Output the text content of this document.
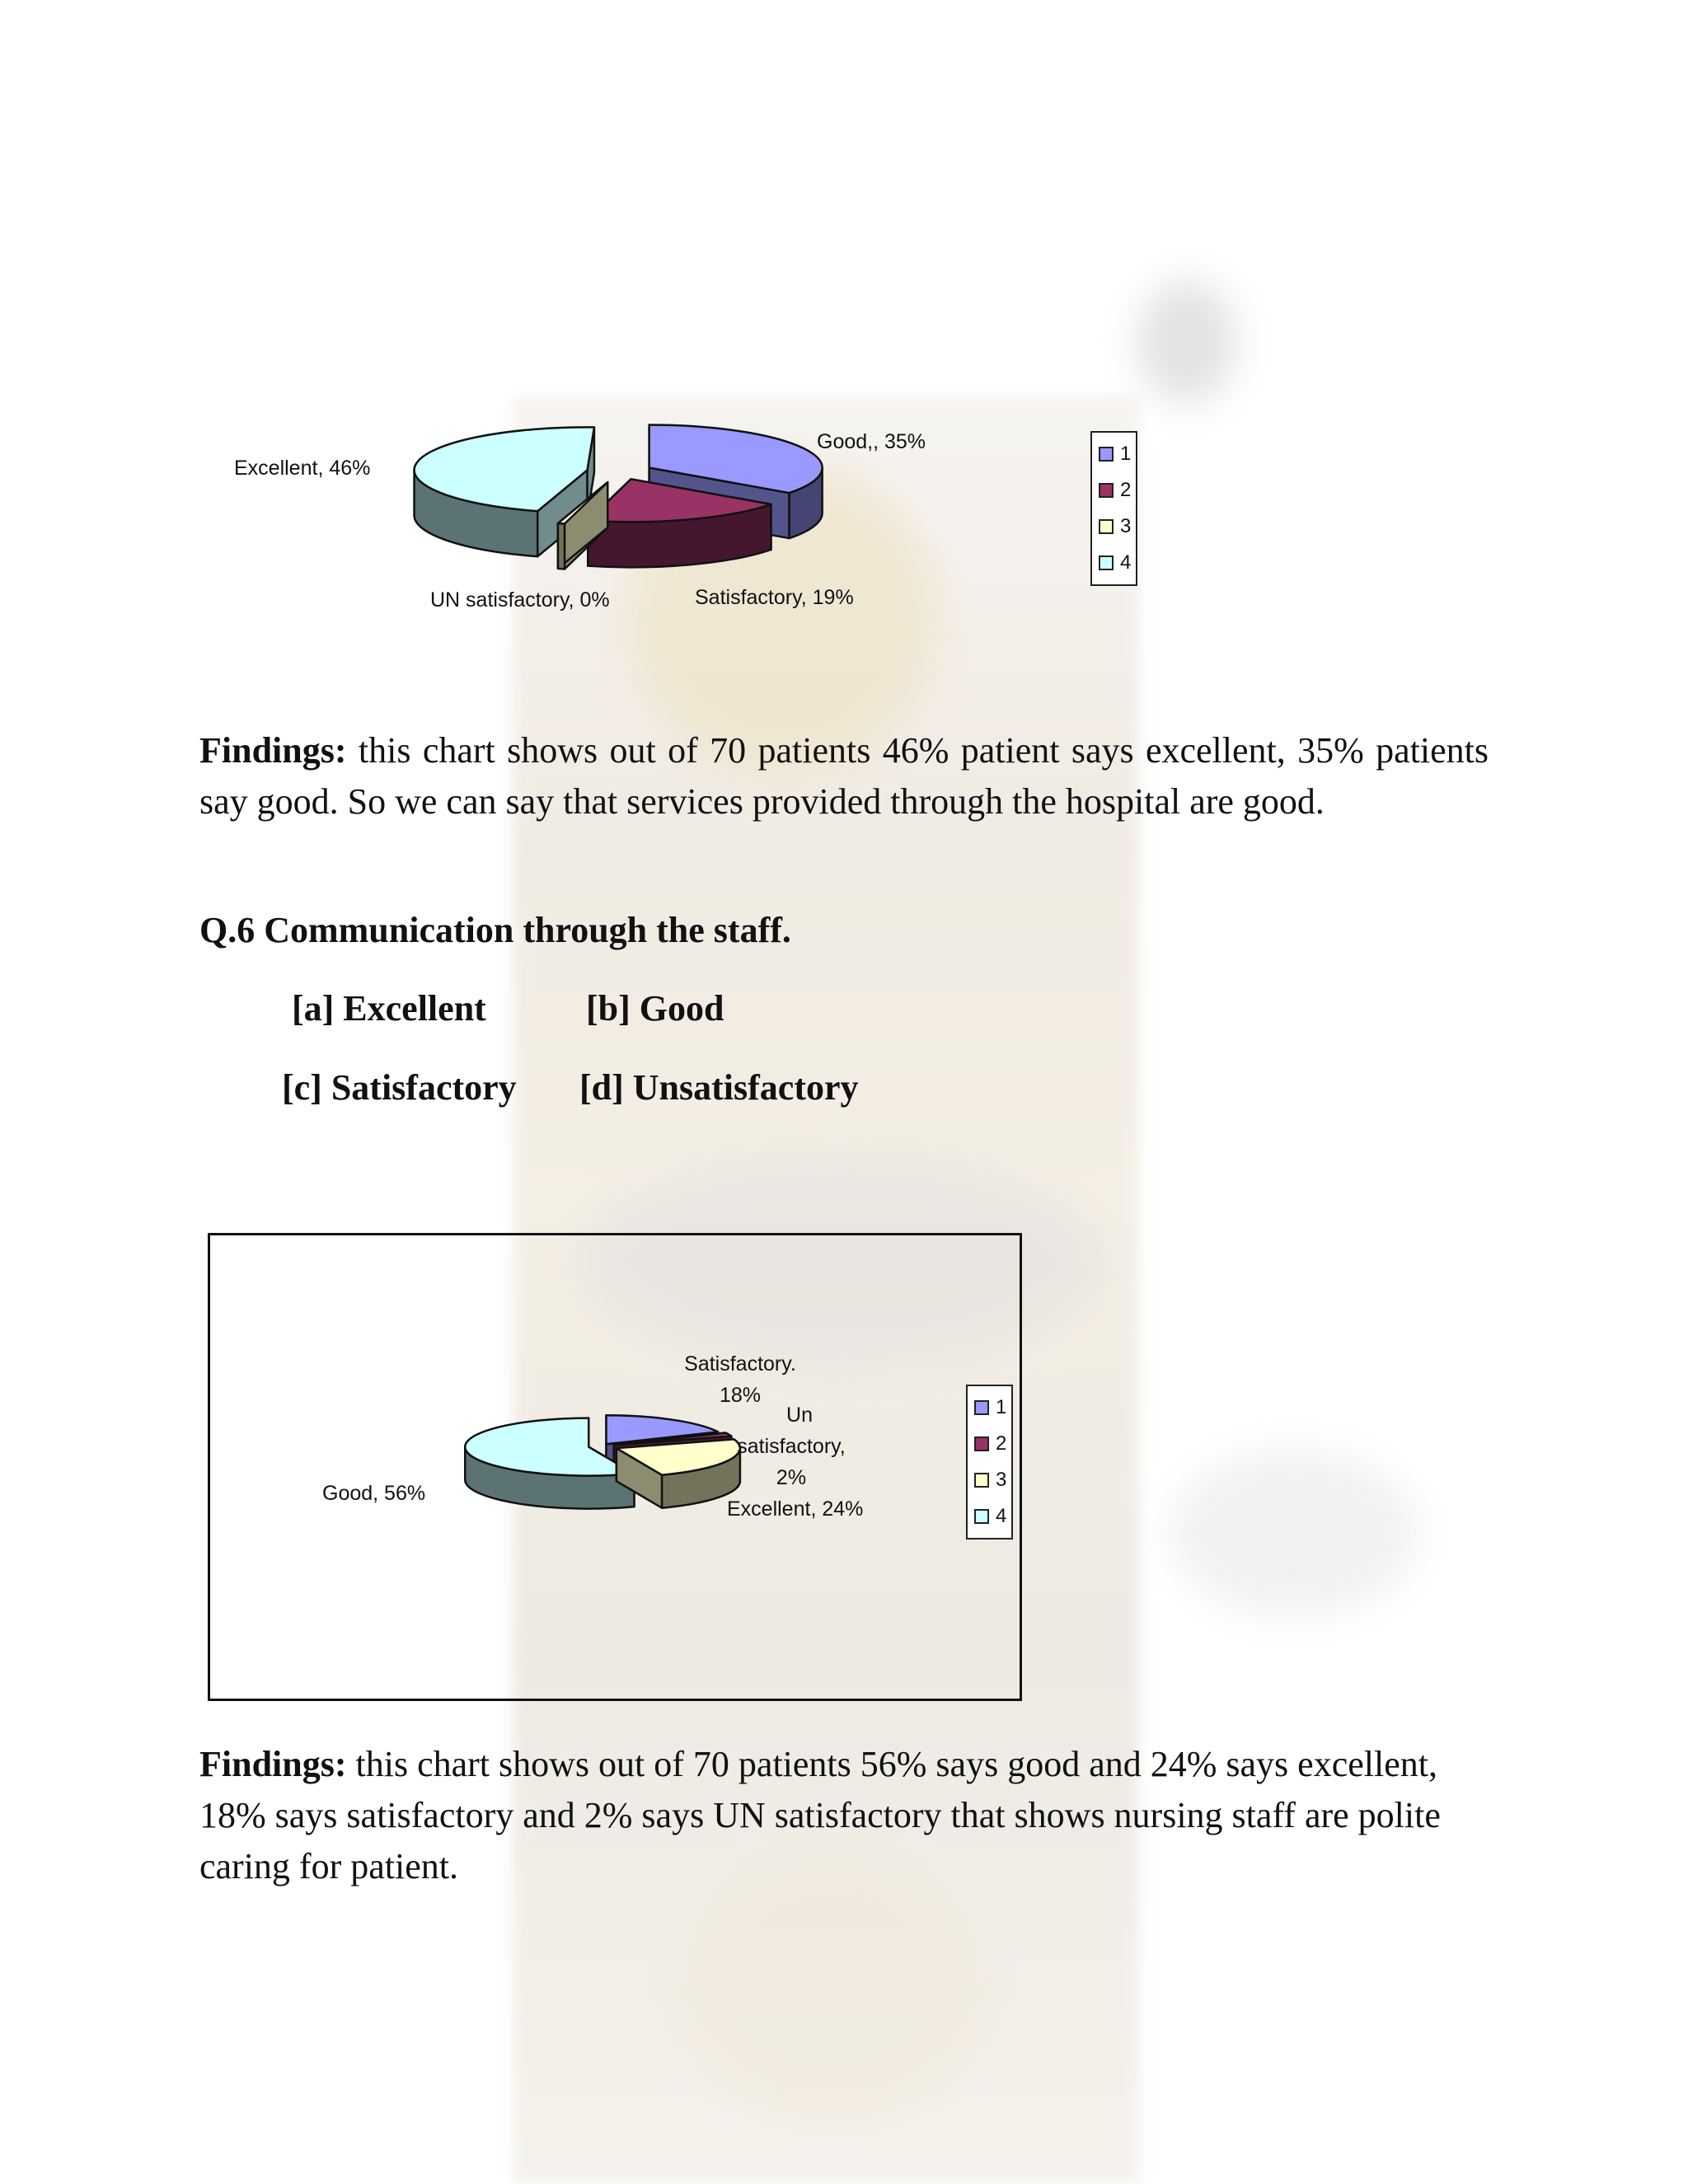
Excellent, 46%
Good,, 35%
UN satisfactory, 0%	Satisfactory, 19%
1
2
3
4

Findings: this chart shows out of 70 patients 46% patient says excellent, 35% patients say good. So we can say that services provided through the hospital are good.

Q.6 Communication through the staff.
[a] Excellent	[b] Good
[c] Satisfactory [d] Unsatisfactory
Satisfactory.
18%
Un
satisfactory,
2%
Excellent, 24%
Good, 56%
1
2
3
4

Findings: this chart shows out of 70 patients 56% says good and 24% says excellent, 18% says satisfactory and 2% says UN satisfactory that shows nursing staff are polite caring for patient.
